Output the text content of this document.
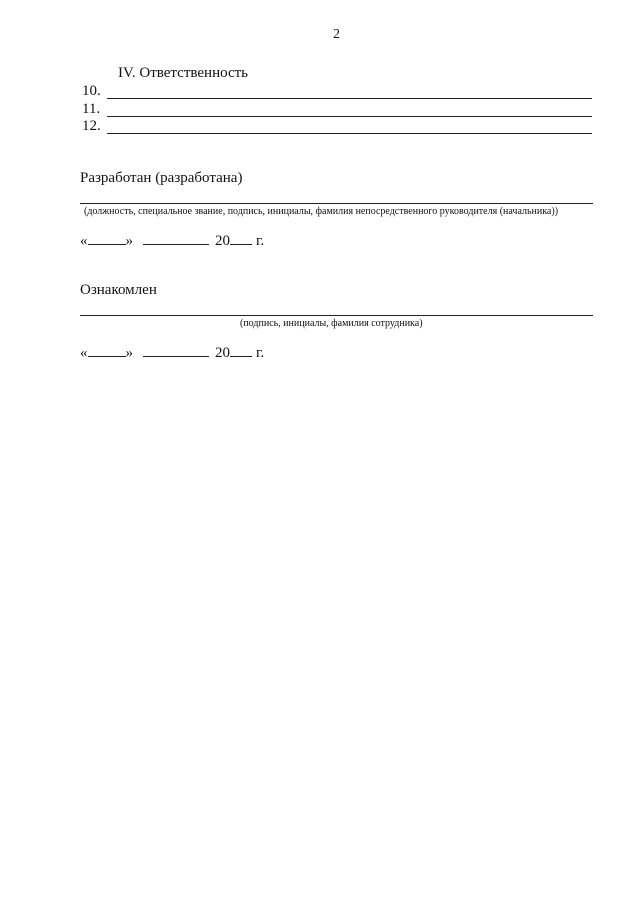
2
IV. Ответственность
10.
11.
12.
Разработан (разработана)
(должность, специальное звание, подпись, инициалы, фамилия непосредственного руководителя (начальника))
«	»	20 г.
Ознакомлен
(подпись, инициалы, фамилия сотрудника)
«	»	20 г.
